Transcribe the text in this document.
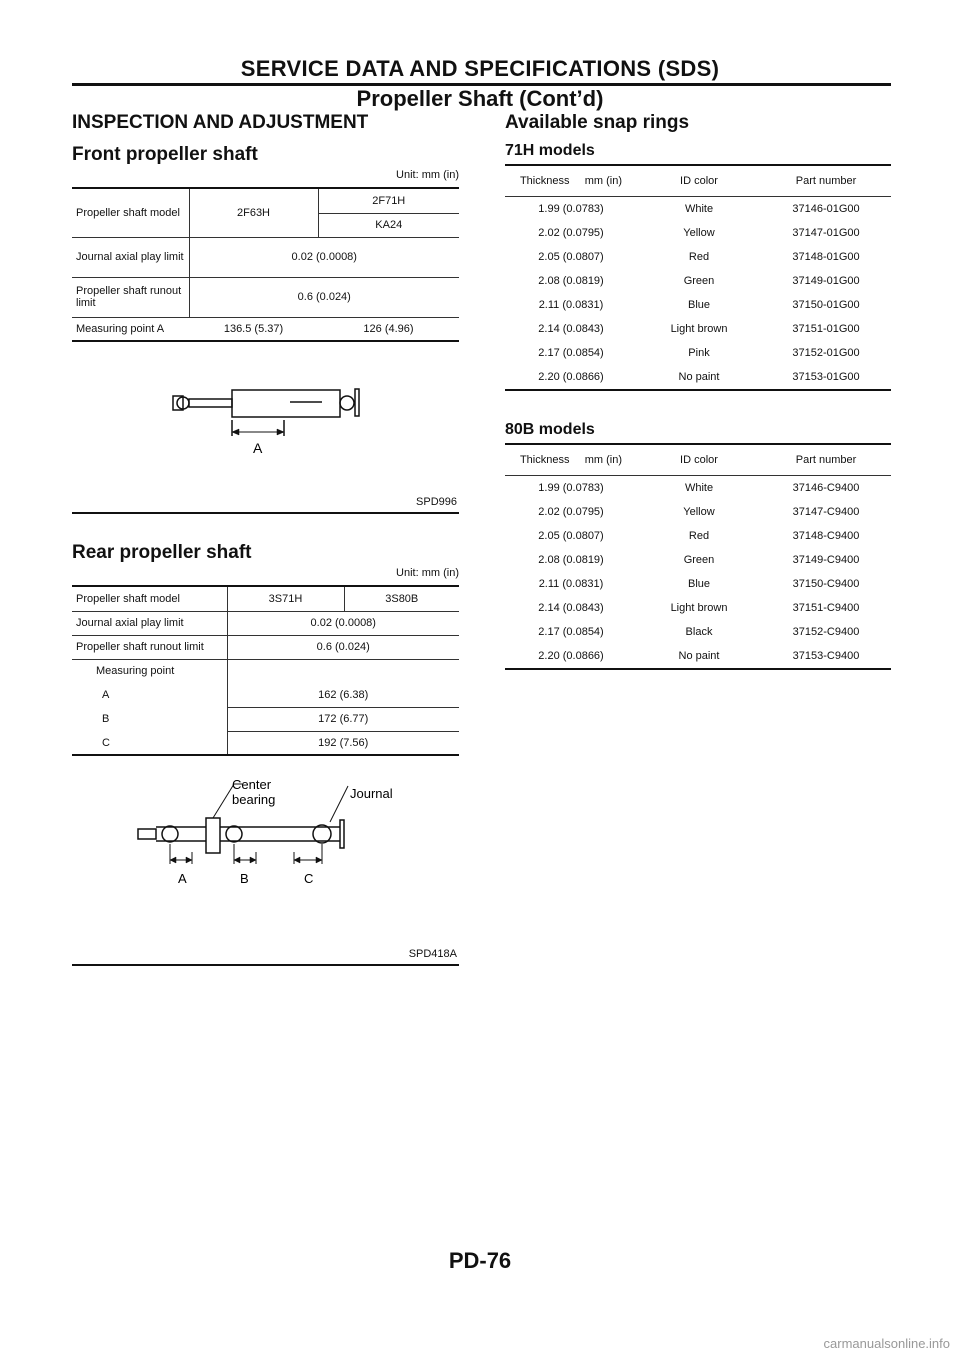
SERVICE DATA AND SPECIFICATIONS (SDS)
Propeller Shaft (Cont’d)
INSPECTION AND ADJUSTMENT
Front propeller shaft
Unit: mm (in)
Propeller shaft model	2F63H	2F71H
		KA24
Journal axial play limit	0.02 (0.0008)	
Propeller shaft runout limit	0.6 (0.024)	
Measuring point A	136.5 (5.37)	126 (4.96)
A
SPD996
Rear propeller shaft
Unit: mm (in)
Propeller shaft model	3S71H	3S80B
Journal axial play limit	0.02 (0.0008)	
Propeller shaft runout limit	0.6 (0.024)	
Measuring point		
A	162 (6.38)	
B	172 (6.77)	
C	192 (7.56)	
Center
bearing	Journal
A	B	C
SPD418A
Available snap rings
71H models
Thickness mm (in)	ID color	Part number
1.99 (0.0783)	White	37146-01G00
2.02 (0.0795)	Yellow	37147-01G00
2.05 (0.0807)	Red	37148-01G00
2.08 (0.0819)	Green	37149-01G00
2.11 (0.0831)	Blue	37150-01G00
2.14 (0.0843)	Light brown	37151-01G00
2.17 (0.0854)	Pink	37152-01G00
2.20 (0.0866)	No paint	37153-01G00
80B models
Thickness mm (in)	ID color	Part number
1.99 (0.0783)	White	37146-C9400
2.02 (0.0795)	Yellow	37147-C9400
2.05 (0.0807)	Red	37148-C9400
2.08 (0.0819)	Green	37149-C9400
2.11 (0.0831)	Blue	37150-C9400
2.14 (0.0843)	Light brown	37151-C9400
2.17 (0.0854)	Black	37152-C9400
2.20 (0.0866)	No paint	37153-C9400
PD-76
carmanualsonline.info
